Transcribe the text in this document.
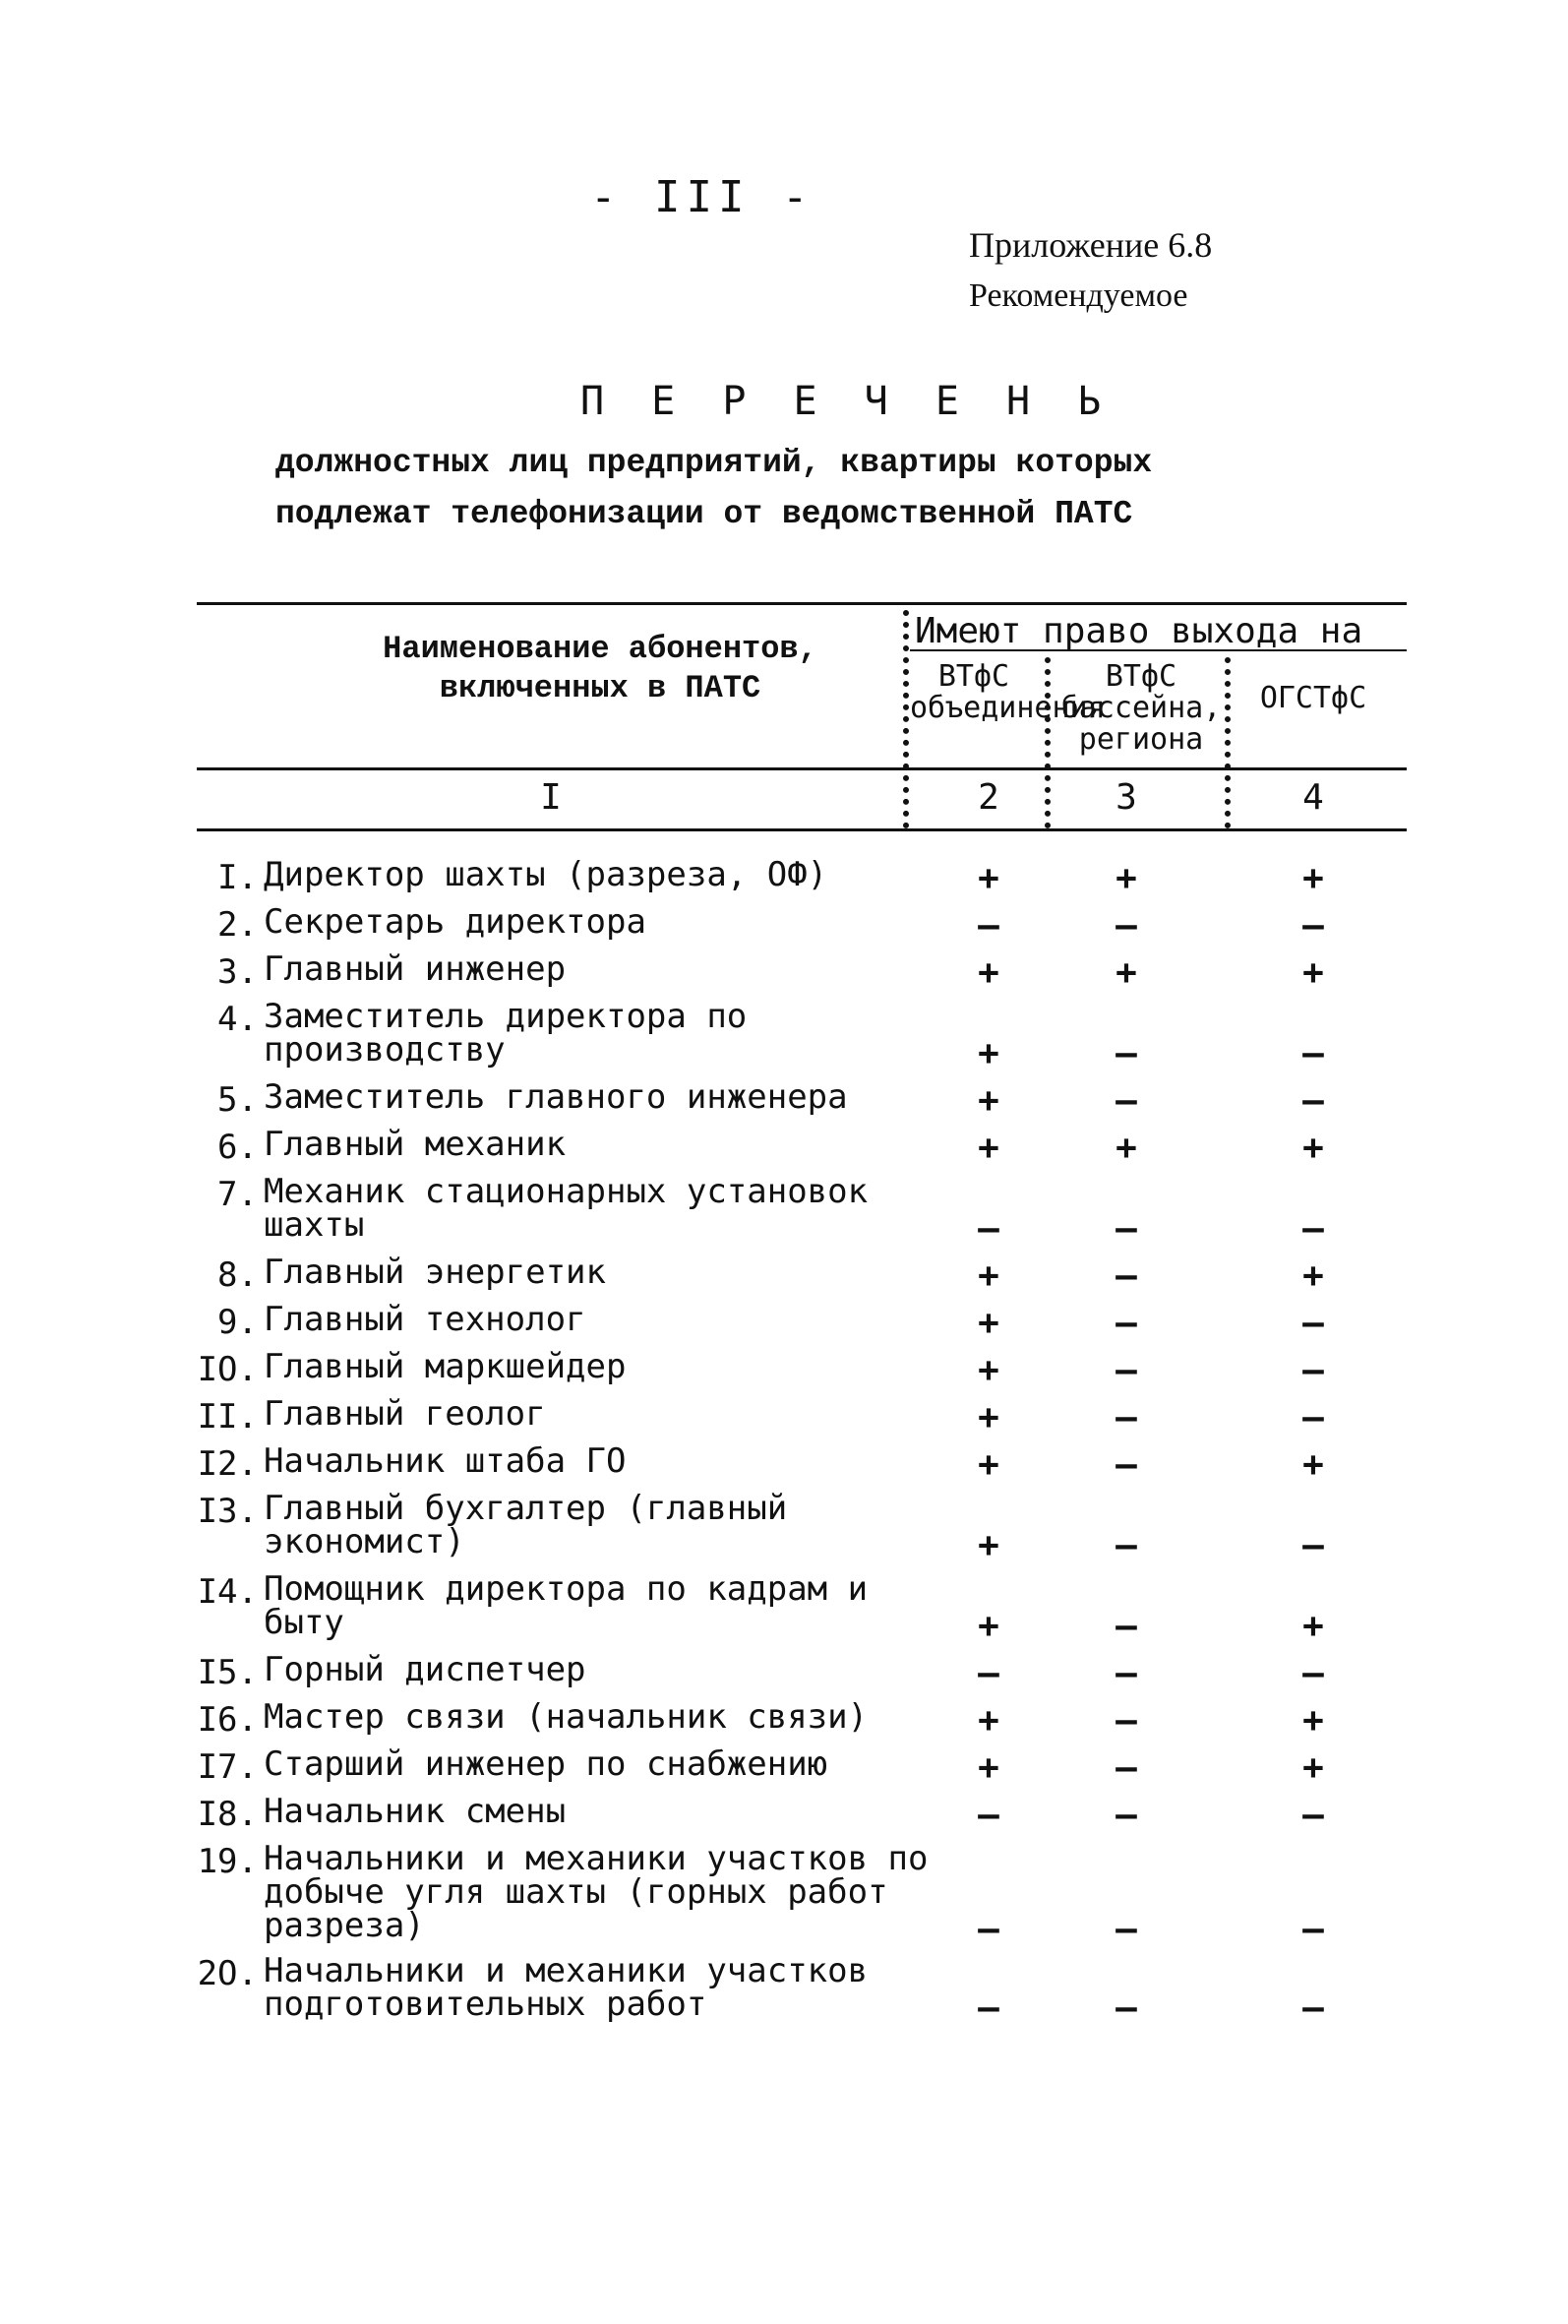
- III -
Приложение 6.8
Рекомендуемое
П Е Р Е Ч Е Н Ь
должностных лиц предприятий, квартиры которых подлежат телефонизации от ведомственной ПАТС
Наименование абонентов, включенных в ПАТС
Имеют право выхода на
ВТфС объединения
ВТфС бассейна, региона
ОГСТфС
I	2	3	4
I. Директор шахты (разреза, ОФ)	+	+	+
2. Секретарь директора	–	–	–
3. Главный инженер	+	+	+
4. Заместитель директора по производству	+	–	–
5. Заместитель главного инженера	+	–	–
6. Главный механик	+	+	+
7. Механик стационарных установок шахты	–	–	–
8. Главный энергетик	+	–	+
9. Главный технолог	+	–	–
IO. Главный маркшейдер	+	–	–
II. Главный геолог	+	–	–
I2. Начальник штаба ГО	+	–	+
I3. Главный бухгалтер (главный экономист)	+	–	–
I4. Помощник директора по кадрам и быту	+	–	+
I5. Горный диспетчер	–	–	–
I6. Мастер связи (начальник связи)	+	–	+
I7. Старший инженер по снабжению	+	–	+
I8. Начальник смены	–	–	–
19. Начальники и механики участков по добыче угля шахты (горных работ разреза)	–	–	–
2О. Начальники и механики участков подготовительных работ	–	–	–
